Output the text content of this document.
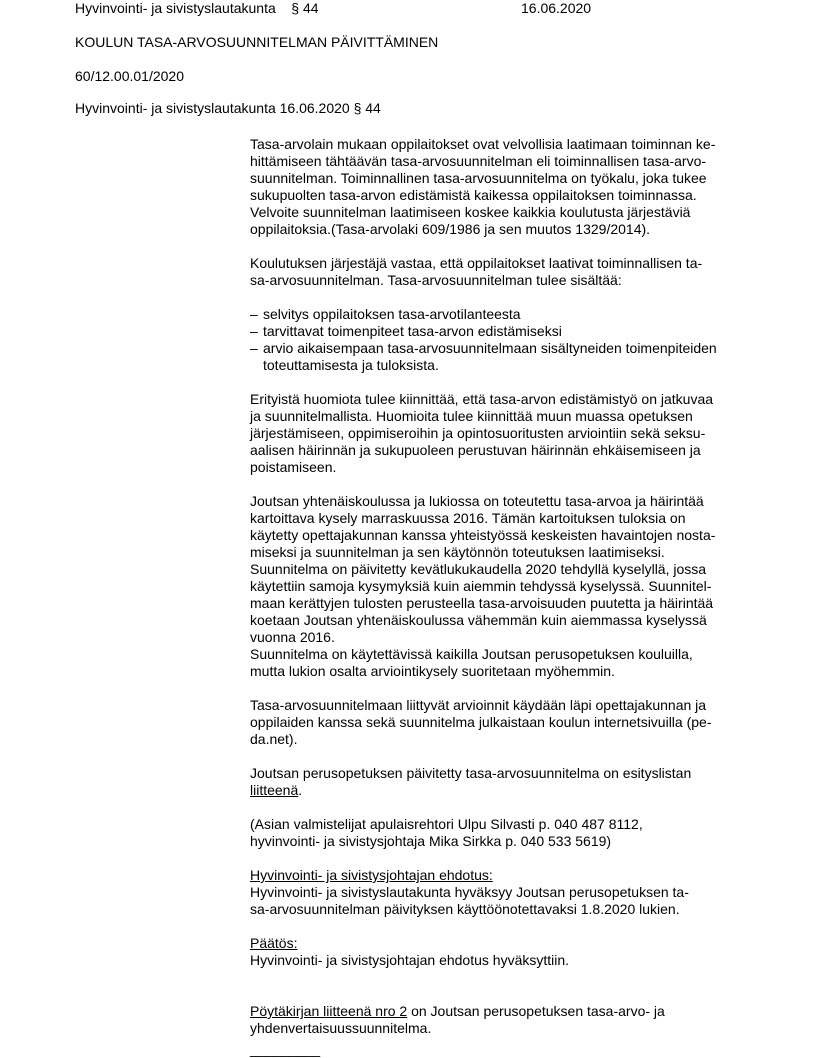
Hyvinvointi- ja sivistyslautakunta    § 44	16.06.2020
KOULUN TASA-ARVOSUUNNITELMAN PÄIVITTÄMINEN
60/12.00.01/2020
Hyvinvointi- ja sivistyslautakunta 16.06.2020 § 44
Tasa-arvolain mukaan oppilaitokset ovat velvollisia laatimaan toiminnan ke-
hittämiseen tähtäävän tasa-arvosuunnitelman eli toiminnallisen tasa-arvo-
suunnitelman. Toiminnallinen tasa-arvosuunnitelma on työkalu, joka tukee
sukupuolten tasa-arvon edistämistä kaikessa oppilaitoksen toiminnassa.
Velvoite suunnitelman laatimiseen koskee kaikkia koulutusta järjestäviä
oppilaitoksia.(Tasa-arvolaki 609/1986 ja sen muutos 1329/2014).
Koulutuksen järjestäjä vastaa, että oppilaitokset laativat toiminnallisen ta-
sa-arvosuunnitelman. Tasa-arvosuunnitelman tulee sisältää:
– selvitys oppilaitoksen tasa-arvotilanteesta
– tarvittavat toimenpiteet tasa-arvon edistämiseksi
– arvio aikaisempaan tasa-arvosuunnitelmaan sisältyneiden toimenpiteiden
toteuttamisesta ja tuloksista.
Erityistä huomiota tulee kiinnittää, että tasa-arvon edistämistyö on jatkuvaa
ja suunnitelmallista. Huomioita tulee kiinnittää muun muassa opetuksen
järjestämiseen, oppimiseroihin ja opintosuoritusten arviointiin sekä seksu-
aalisen häirinnän ja sukupuoleen perustuvan häirinnän ehkäisemiseen ja
poistamiseen.
Joutsan yhtenäiskoulussa ja lukiossa on toteutettu tasa-arvoa ja häirintää
kartoittava kysely marraskuussa 2016. Tämän kartoituksen tuloksia on
käytetty opettajakunnan kanssa yhteistyössä keskeisten havaintojen nosta-
miseksi ja suunnitelman ja sen käytönnön toteutuksen laatimiseksi.
Suunnitelma on päivitetty kevätlukukaudella 2020 tehdyllä kyselyllä, jossa
käytettiin samoja kysymyksiä kuin aiemmin tehdyssä kyselyssä. Suunnitel-
maan kerättyjen tulosten perusteella tasa-arvoisuuden puutetta ja häirintää
koetaan Joutsan yhtenäiskoulussa vähemmän kuin aiemmassa kyselyssä
vuonna 2016.
Suunnitelma on käytettävissä kaikilla Joutsan perusopetuksen kouluilla,
mutta lukion osalta arviointikysely suoritetaan myöhemmin.
Tasa-arvosuunnitelmaan liittyvät arvioinnit käydään läpi opettajakunnan ja
oppilaiden kanssa sekä suunnitelma julkaistaan koulun internetsivuilla (pe-
da.net).
Joutsan perusopetuksen päivitetty tasa-arvosuunnitelma on esityslistan
liitteenä.
(Asian valmistelijat apulaisrehtori Ulpu Silvasti p. 040 487 8112,
hyvinvointi- ja sivistysjohtaja Mika Sirkka p. 040 533 5619)
Hyvinvointi- ja sivistysjohtajan ehdotus:
Hyvinvointi- ja sivistyslautakunta hyväksyy Joutsan perusopetuksen ta-
sa-arvosuunnitelman päivityksen käyttöönotettavaksi 1.8.2020 lukien.
Päätös:
Hyvinvointi- ja sivistysjohtajan ehdotus hyväksyttiin.
Pöytäkirjan liitteenä nro 2 on Joutsan perusopetuksen tasa-arvo- ja
yhdenvertaisuussuunnitelma.
_________
